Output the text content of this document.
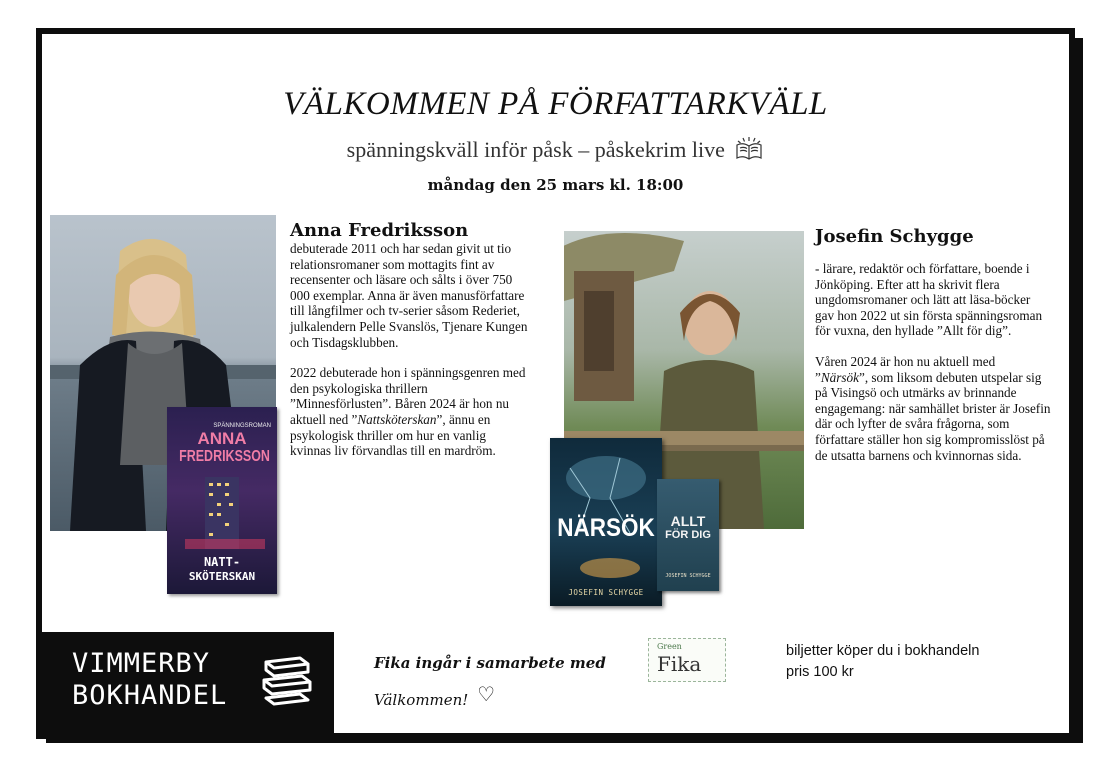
VÄLKOMMEN PÅ FÖRFATTARKVÄLL
spänningskväll inför påsk – påskekrim live
måndag den 25 mars kl. 18:00
SPÄNNINGSROMAN
ANNA
FREDRIKSSON
NATT-
SKÖTERSKAN
Anna Fredriksson

debuterade 2011 och har sedan givit ut tio relationsromaner som mottagits fint av recensenter och läsare och sålts i över 750 000 exemplar. Anna är även manusförfattare till långfilmer och tv-serier såsom Rederiet, julkalendern Pelle Svanslös, Tjenare Kungen och Tisdagsklubben.

2022 debuterade hon i spänningsgenren med den psykologiska thrillern ”Minnesförlusten”. Båren 2024 är hon nu aktuell ned ”Nattsköterskan”, ännu en psykologisk thriller om hur en vanlig kvinnas liv förvandlas till en mardröm.

NÄRSÖK
JOSEFIN SCHYGGE
ALLT
FÖR DIG
JOSEFIN SCHYGGE
Josefin Schygge

- lärare, redaktör och författare, boende i Jönköping. Efter att ha skrivit flera ungdomsromaner och lätt att läsa-böcker gav hon 2022 ut sin första spänningsroman för vuxna, den hyllade ”Allt för dig”.

Våren 2024 är hon nu aktuell med ”Närsök”, som liksom debuten utspelar sig på Visingsö och utmärks av brinnande engagemang: när samhället brister är Josefin där och lyfter de svåra frågorna, som författare ställer hon sig kompromisslöst på de utsatta barnens och kvinnornas sida.

VIMMERBY
BOKHANDEL
Fika ingår i samarbete med
Green
Fika
Välkommen! ♡
biljetter köper du i bokhandeln
pris 100 kr
